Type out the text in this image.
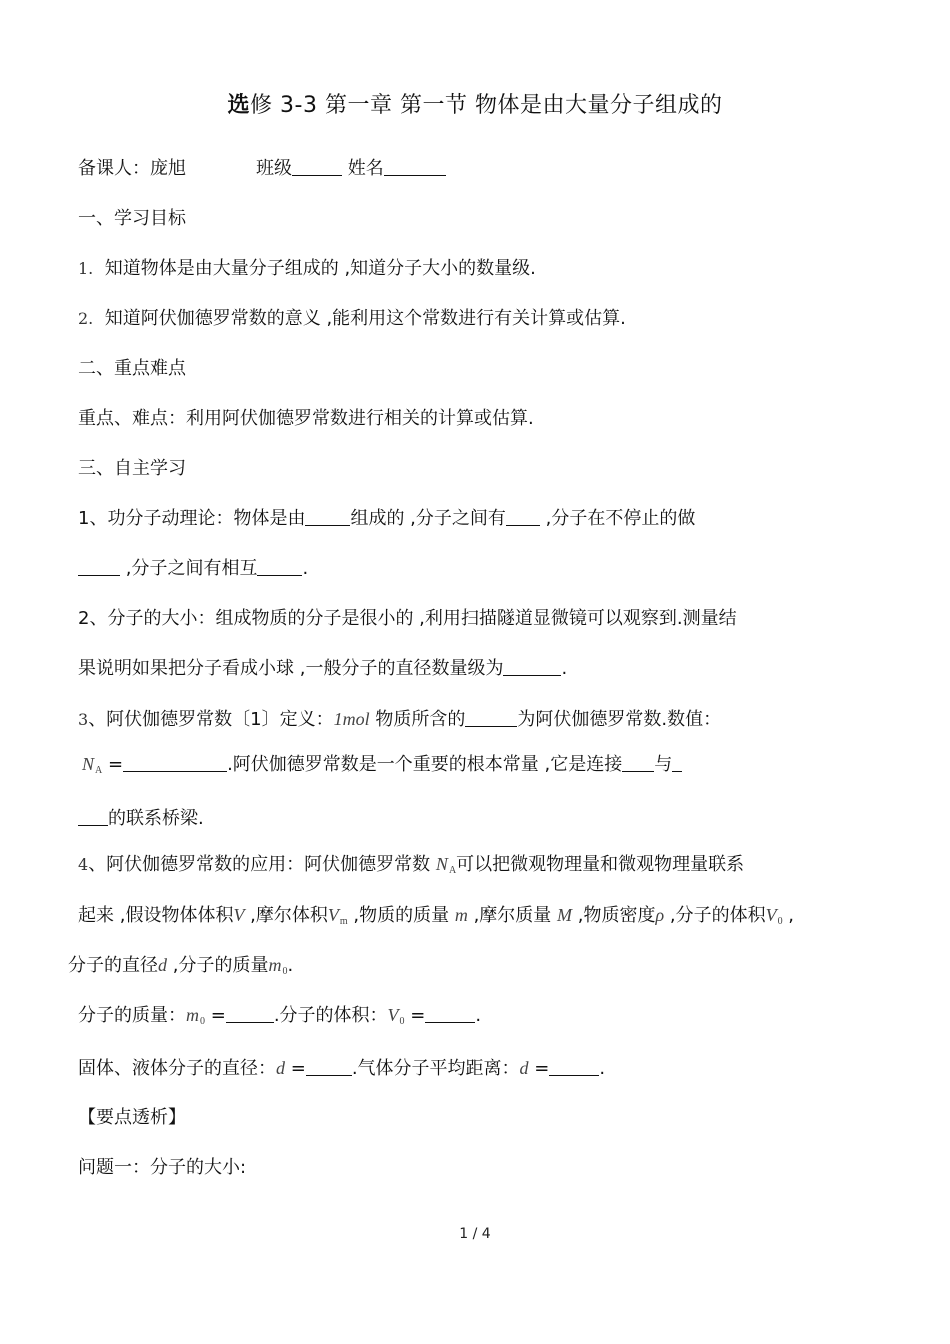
选修 3-3 第一章 第一节 物体是由大量分子组成的
备课人：庞旭	班级	姓名
一、学习目标
1. 知道物体是由大量分子组成的 ,知道分子大小的数量级.
2. 知道阿伏伽德罗常数的意义 ,能利用这个常数进行有关计算或估算.
二、重点难点
重点、难点：利用阿伏伽德罗常数进行相关的计算或估算.
三、自主学习
1、功分子动理论：物体是由	组成的 ,分子之间有 ,分子在不停止的做
,分子之间有相互	.
2、分子的大小：组成物质的分子是很小的 ,利用扫描隧道显微镜可以观察到.测量结
果说明如果把分子看成小球 ,一般分子的直径数量级为	.
3、阿伏伽德罗常数〔1〕定义：1mol 物质所含的	为阿伏伽德罗常数.数值：
$N_A$ =	.阿伏伽德罗常数是一个重要的根本常量 ,它是连接 与
的联系桥梁.
4、阿伏伽德罗常数的应用：阿伏伽德罗常数 $N_A$可以把微观物理量和微观物理量联系
起来 ,假设物体体积V ,摩尔体积$V_m$ ,物质的质量 m ,摩尔质量 M ,物质密度ρ ,分子的体积$V_0$ ,
分子的直径d ,分子的质量$m_0$.
分子的质量：$m_0$ =	.分子的体积：$V_0$ =	.
固体、液体分子的直径：d =	.气体分子平均距离：d =	.
【要点透析】
问题一：分子的大小:
1 / 4
